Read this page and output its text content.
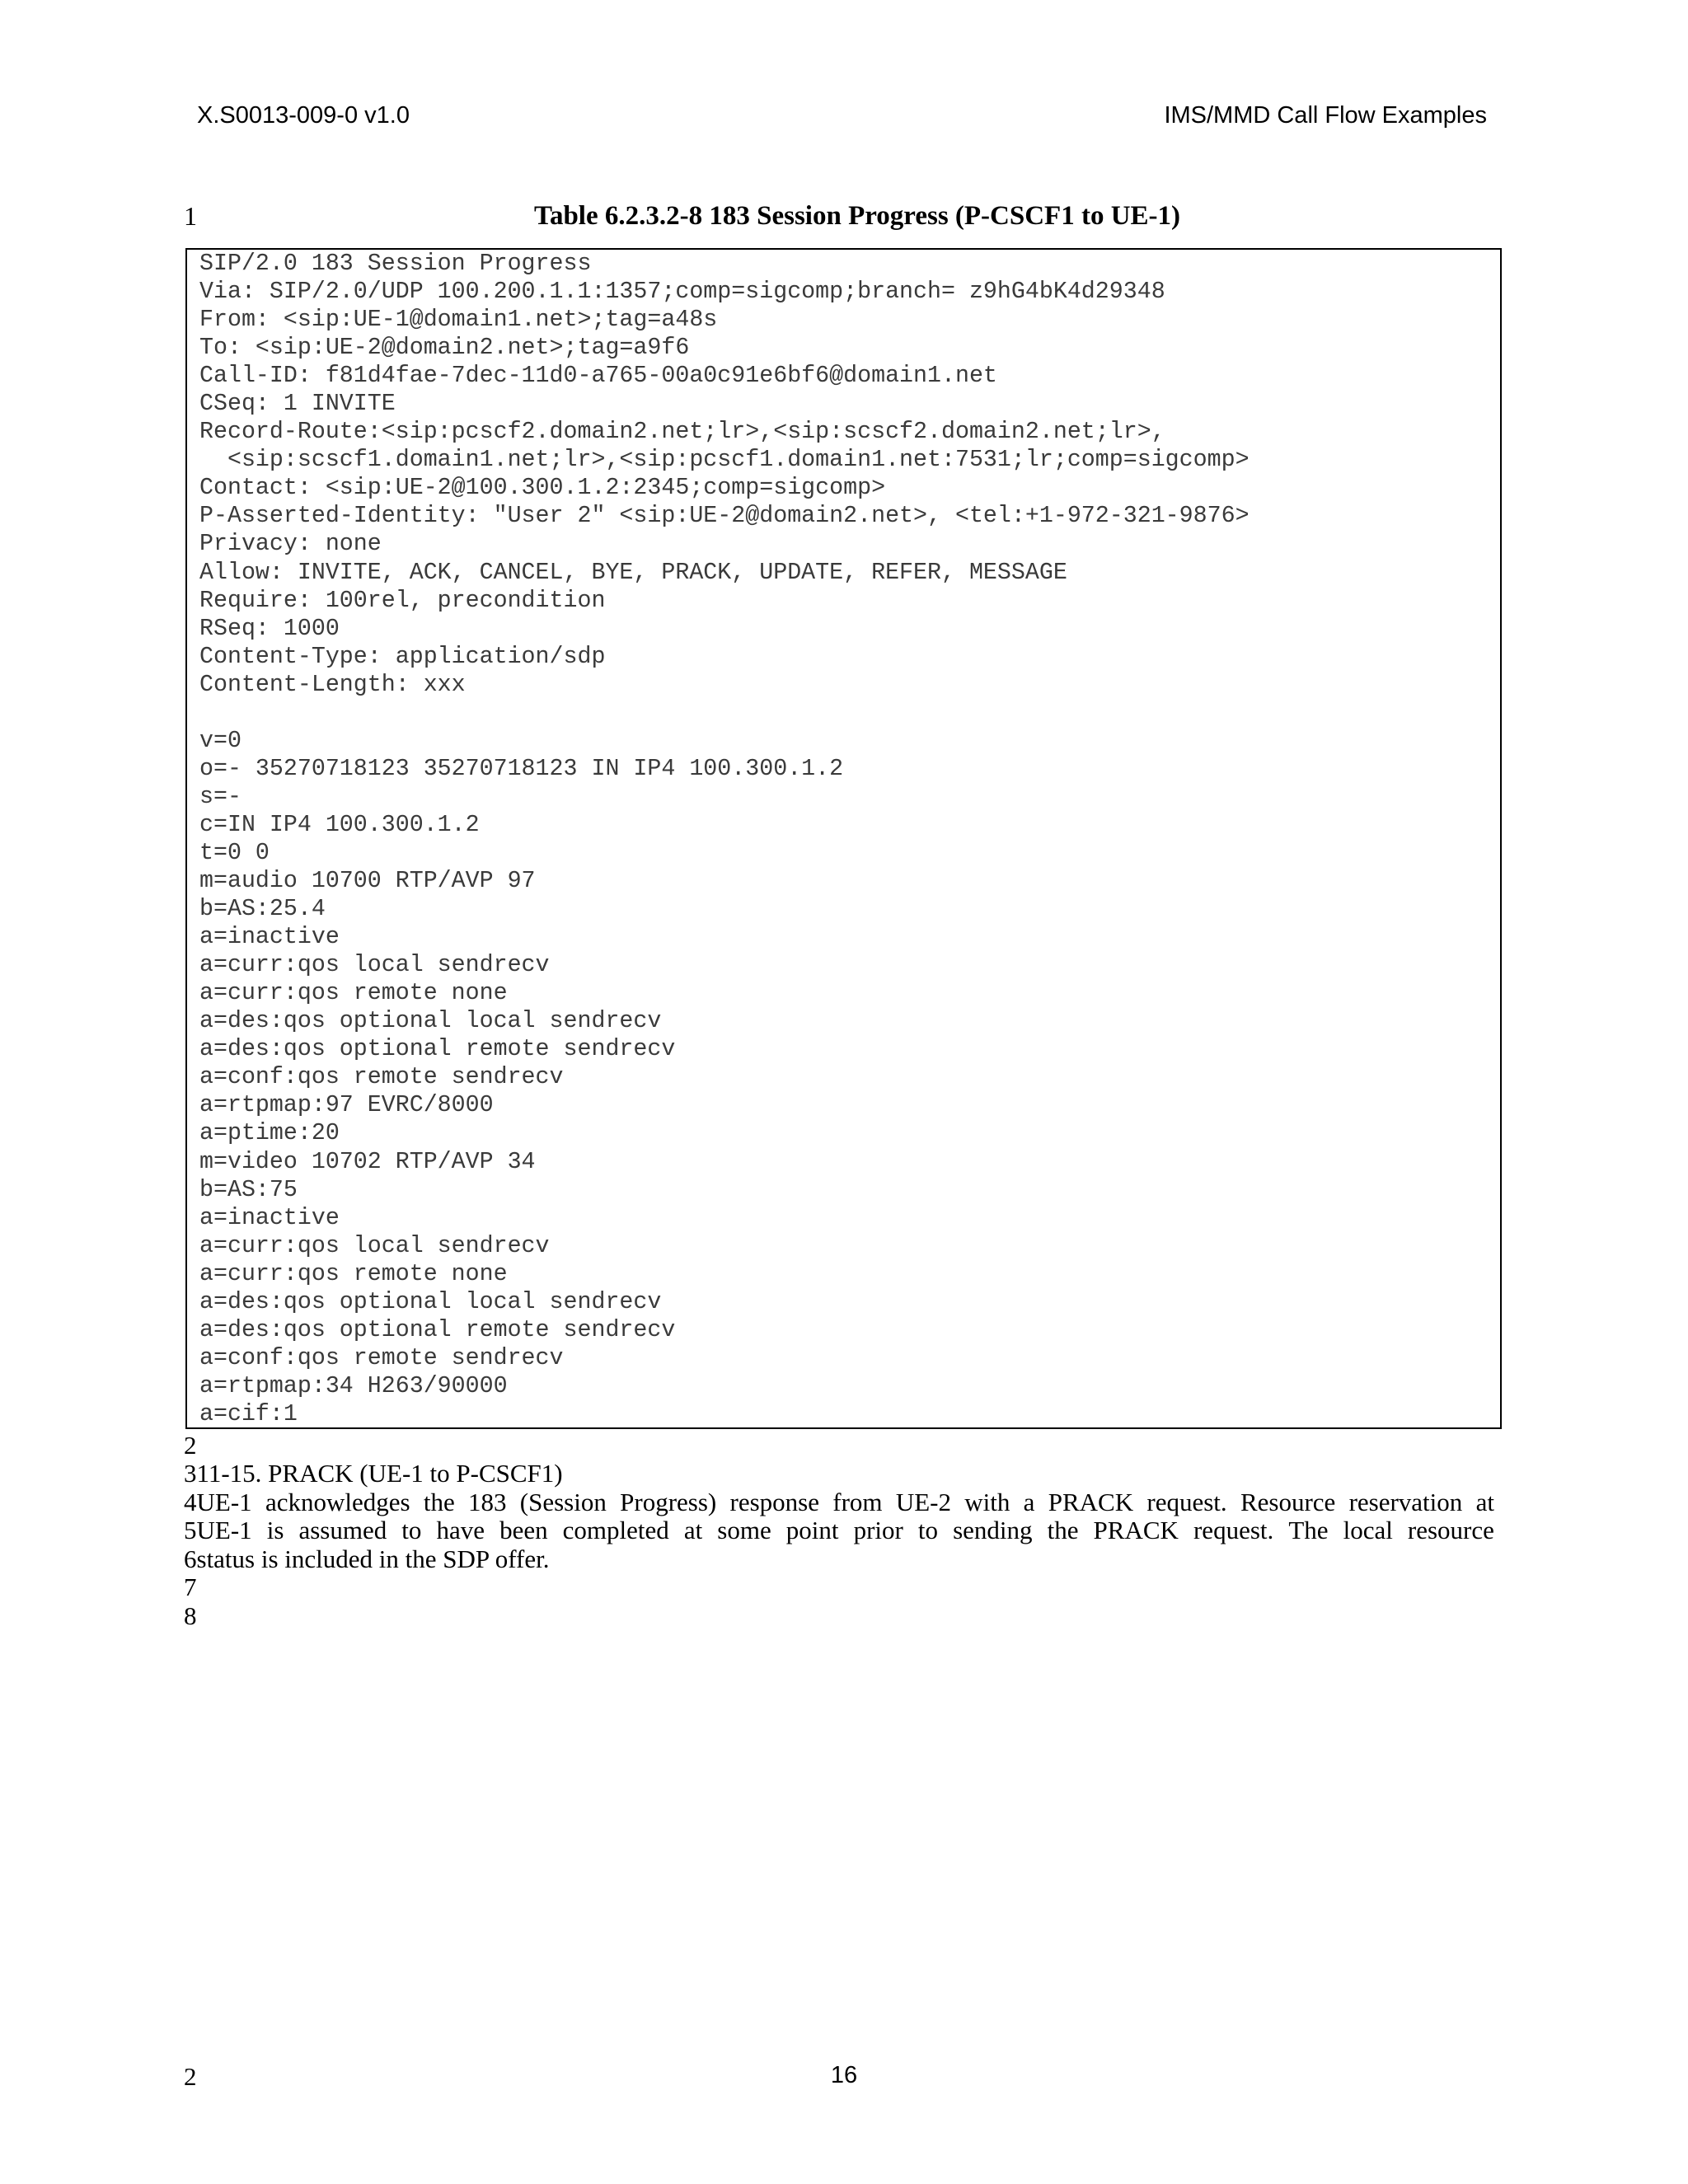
X.S0013-009-0 v1.0	IMS/MMD Call Flow Examples
1	Table 6.2.3.2-8 183 Session Progress (P-CSCF1 to UE-1)
SIP/2.0 183 Session Progress
Via: SIP/2.0/UDP 100.200.1.1:1357;comp=sigcomp;branch= z9hG4bK4d29348
From: <sip:UE-1@domain1.net>;tag=a48s
To: <sip:UE-2@domain2.net>;tag=a9f6
Call-ID: f81d4fae-7dec-11d0-a765-00a0c91e6bf6@domain1.net
CSeq: 1 INVITE
Record-Route:<sip:pcscf2.domain2.net;lr>,<sip:scscf2.domain2.net;lr>,
<sip:scscf1.domain1.net;lr>,<sip:pcscf1.domain1.net:7531;lr;comp=sigcomp>
Contact: <sip:UE-2@100.300.1.2:2345;comp=sigcomp>
P-Asserted-Identity: "User 2" <sip:UE-2@domain2.net>, <tel:+1-972-321-9876>
Privacy: none
Allow: INVITE, ACK, CANCEL, BYE, PRACK, UPDATE, REFER, MESSAGE
Require: 100rel, precondition
RSeq: 1000
Content-Type: application/sdp
Content-Length: xxx
v=0
o=- 35270718123 35270718123 IN IP4 100.300.1.2
s=-
c=IN IP4 100.300.1.2
t=0 0
m=audio 10700 RTP/AVP 97
b=AS:25.4
a=inactive
a=curr:qos local sendrecv
a=curr:qos remote none
a=des:qos optional local sendrecv
a=des:qos optional remote sendrecv
a=conf:qos remote sendrecv
a=rtpmap:97 EVRC/8000
a=ptime:20
m=video 10702 RTP/AVP 34
b=AS:75
a=inactive
a=curr:qos local sendrecv
a=curr:qos remote none
a=des:qos optional local sendrecv
a=des:qos optional remote sendrecv
a=conf:qos remote sendrecv
a=rtpmap:34 H263/90000
a=cif:1
2
311-15. PRACK (UE-1 to P-CSCF1)
4UE-1 acknowledges the 183 (Session Progress) response from UE-2 with a PRACK request. Resource reservation at
5UE-1 is assumed to have been completed at some point prior to sending the PRACK request. The local resource
6status is included in the SDP offer.
7
8
2	16
